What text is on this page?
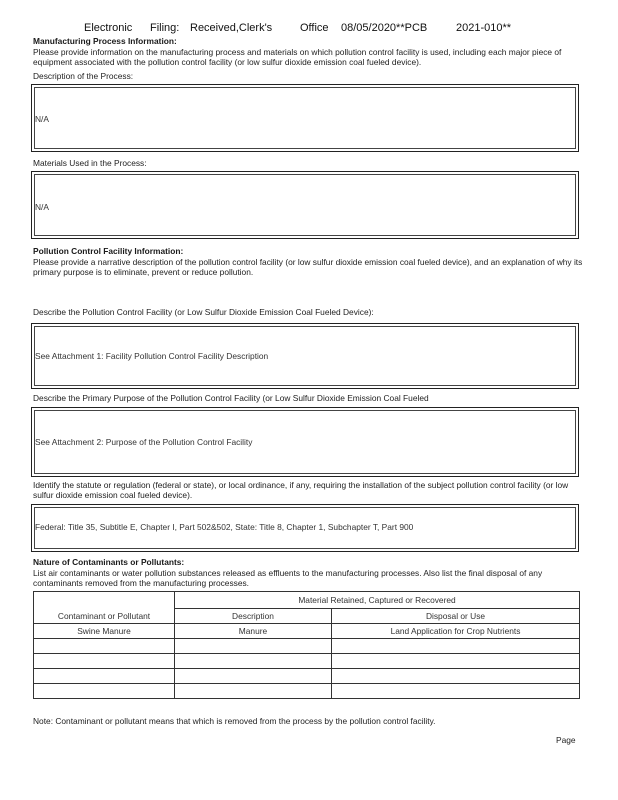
Electronic Filing: Received,Clerk's	Office 08/05/2020**PCB	2021-010**
Manufacturing Process Information:
Please provide information on the manufacturing process and materials on which pollution control facility is used, including each major piece of equipment associated with the pollution control facility (or low sulfur dioxide emission coal fueled device).
Description of the Process:
N/A
Materials Used in the Process:
N/A
Pollution Control Facility Information:
Please provide a narrative description of the pollution control facility (or low sulfur dioxide emission coal fueled device), and an explanation of why its primary purpose is to eliminate, prevent or reduce pollution.
Describe the Pollution Control Facility (or Low Sulfur Dioxide Emission Coal Fueled Device):
See Attachment 1: Facility Pollution Control Facility Description
Describe the Primary Purpose of the Pollution Control Facility (or Low Sulfur Dioxide Emission Coal Fueled
See Attachment 2: Purpose of the Pollution Control Facility
Identify the statute or regulation (federal or state), or local ordinance, if any, requiring the installation of the subject pollution control facility (or low sulfur dioxide emission coal fueled device).
Federal: Title 35, Subtitle E, Chapter I, Part 502&502, State: Title 8, Chapter 1, Subchapter T, Part 900
Nature of Contaminants or Pollutants:
List air contaminants or water pollution substances released as effluents to the manufacturing processes. Also list the final disposal of any contaminants removed from the manufacturing processes.
	Material Retained, Captured or Recovered	
Contaminant or Pollutant	Description	Disposal or Use
Swine Manure	Manure	Land Application for Crop Nutrients

Note: Contaminant or pollutant means that which is removed from the process by the pollution control facility.
Page
